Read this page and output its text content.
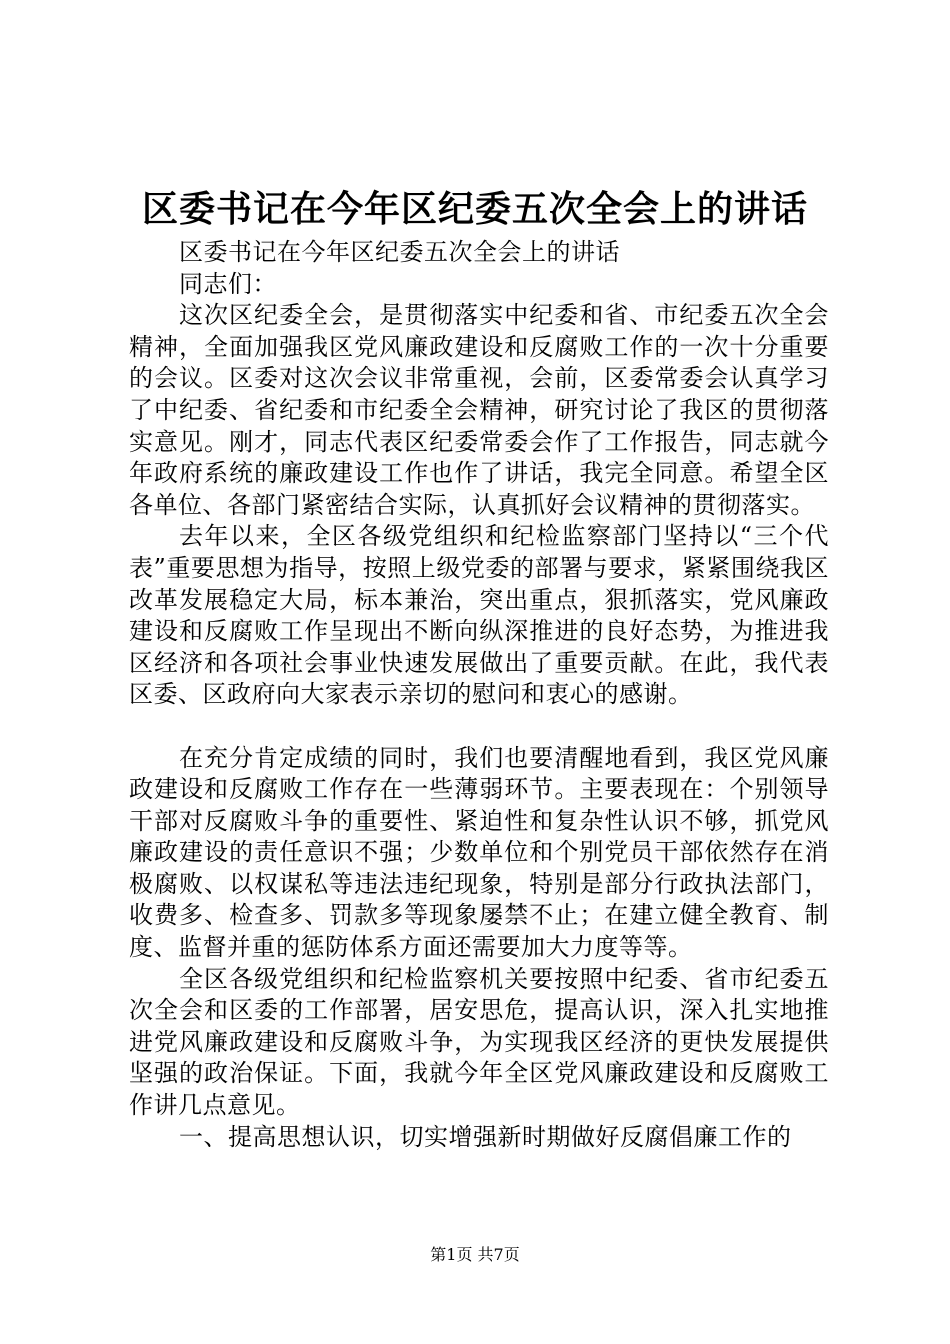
区委书记在今年区纪委五次全会上的讲话

区委书记在今年区纪委五次全会上的讲话

同志们：

这次区纪委全会，是贯彻落实中纪委和省、市纪委五次全会精神，全面加强我区党风廉政建设和反腐败工作的一次十分重要的会议。区委对这次会议非常重视，会前，区委常委会认真学习了中纪委、省纪委和市纪委全会精神，研究讨论了我区的贯彻落实意见。刚才，同志代表区纪委常委会作了工作报告，同志就今年政府系统的廉政建设工作也作了讲话，我完全同意。希望全区各单位、各部门紧密结合实际，认真抓好会议精神的贯彻落实。

去年以来，全区各级党组织和纪检监察部门坚持以“三个代表”重要思想为指导，按照上级党委的部署与要求，紧紧围绕我区改革发展稳定大局，标本兼治，突出重点，狠抓落实，党风廉政建设和反腐败工作呈现出不断向纵深推进的良好态势，为推进我区经济和各项社会事业快速发展做出了重要贡献。在此，我代表区委、区政府向大家表示亲切的慰问和衷心的感谢。

在充分肯定成绩的同时，我们也要清醒地看到，我区党风廉政建设和反腐败工作存在一些薄弱环节。主要表现在：个别领导干部对反腐败斗争的重要性、紧迫性和复杂性认识不够，抓党风廉政建设的责任意识不强；少数单位和个别党员干部依然存在消极腐败、以权谋私等违法违纪现象，特别是部分行政执法部门，收费多、检查多、罚款多等现象屡禁不止；在建立健全教育、制度、监督并重的惩防体系方面还需要加大力度等等。

全区各级党组织和纪检监察机关要按照中纪委、省市纪委五次全会和区委的工作部署，居安思危，提高认识，深入扎实地推进党风廉政建设和反腐败斗争，为实现我区经济的更快发展提供坚强的政治保证。下面，我就今年全区党风廉政建设和反腐败工作讲几点意见。

一、提高思想认识，切实增强新时期做好反腐倡廉工作的

第1页 共7页
